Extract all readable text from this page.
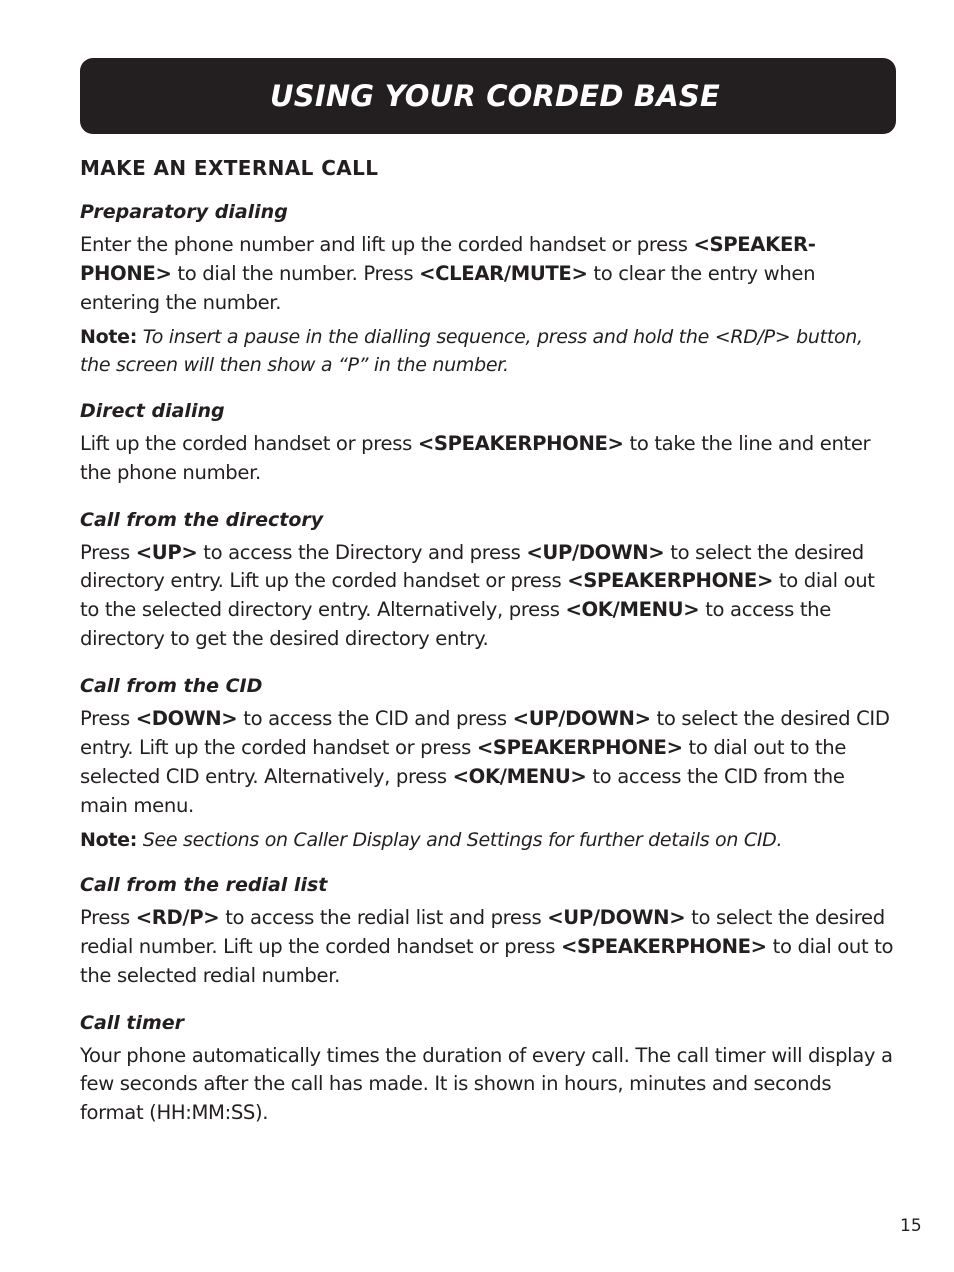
USING YOUR CORDED BASE
MAKE AN EXTERNAL CALL
Preparatory dialing
Enter the phone number and lift up the corded handset or press <SPEAKER-PHONE> to dial the number. Press <CLEAR/MUTE> to clear the entry when entering the number.
Note: To insert a pause in the dialling sequence, press and hold the <RD/P> button, the screen will then show a “P” in the number.
Direct dialing
Lift up the corded handset or press <SPEAKERPHONE> to take the line and enter the phone number.
Call from the directory
Press <UP> to access the Directory and press <UP/DOWN> to select the desired directory entry. Lift up the corded handset or press <SPEAKERPHONE> to dial out to the selected directory entry. Alternatively, press <OK/MENU> to access the directory to get the desired directory entry.
Call from the CID
Press <DOWN> to access the CID and press <UP/DOWN> to select the desired CID entry. Lift up the corded handset or press <SPEAKERPHONE> to dial out to the selected CID entry. Alternatively, press <OK/MENU> to access the CID from the main menu.
Note: See sections on Caller Display and Settings for further details on CID.
Call from the redial list
Press <RD/P> to access the redial list and press <UP/DOWN> to select the desired redial number. Lift up the corded handset or press <SPEAKERPHONE> to dial out to the selected redial number.
Call timer
Your phone automatically times the duration of every call. The call timer will display a few seconds after the call has made. It is shown in hours, minutes and seconds format (HH:MM:SS).
15
